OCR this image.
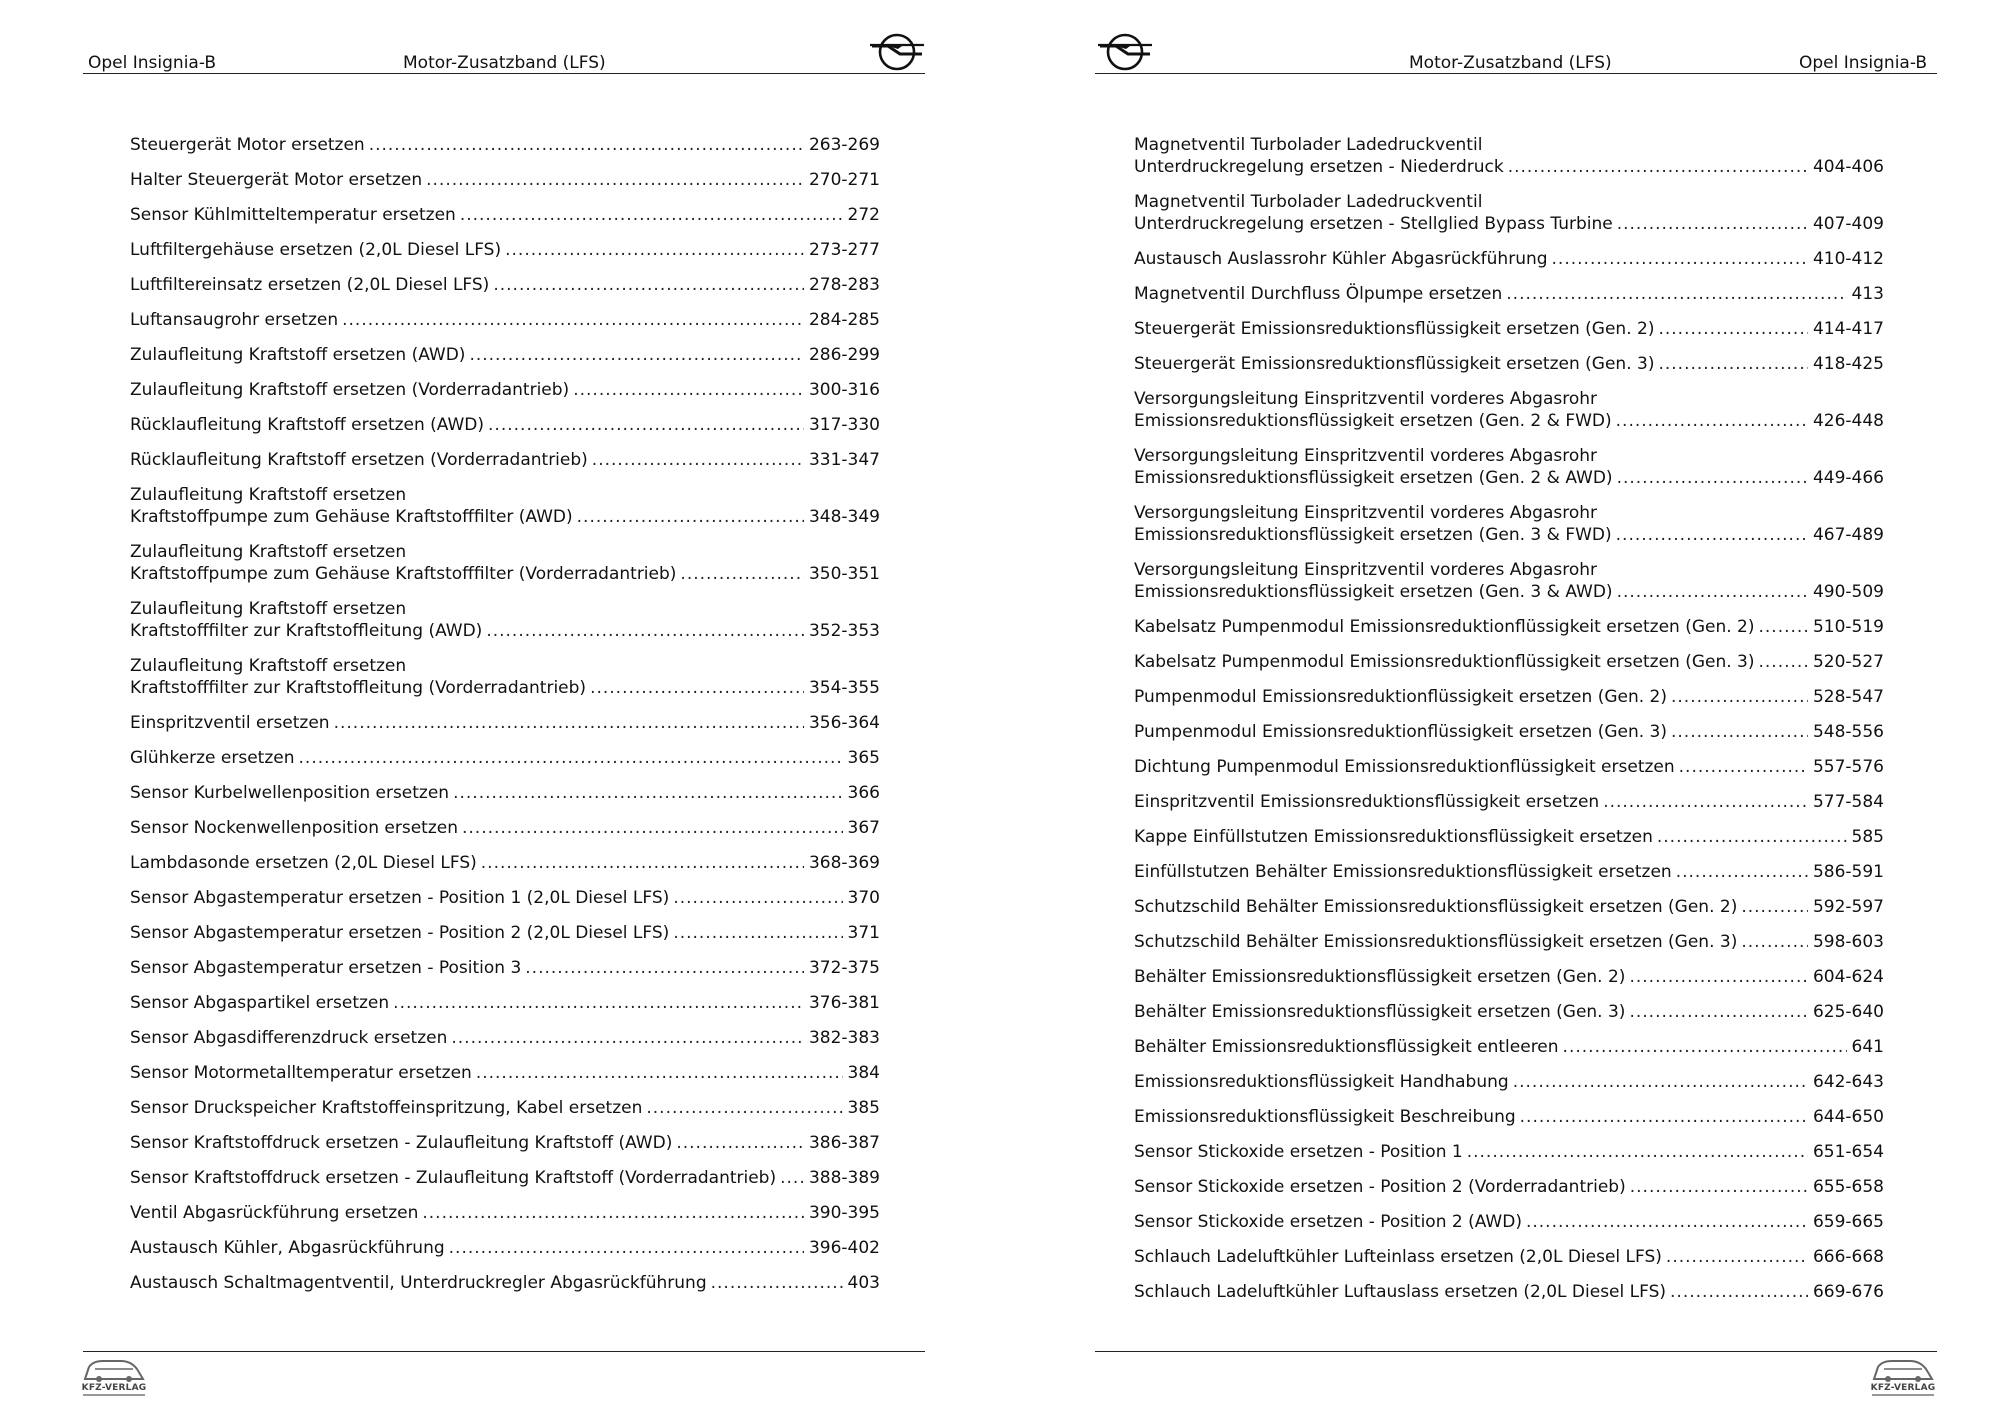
Opel Insignia-B	Motor-Zusatzband (LFS)
Steuergerät Motor ersetzen .....	263-269
Halter Steuergerät Motor ersetzen .....	270-271
Sensor Kühlmitteltemperatur ersetzen .....	272
Luftfiltergehäuse ersetzen (2,0L Diesel LFS) .....	273-277
Luftfiltereinsatz ersetzen (2,0L Diesel LFS) .....	278-283
Luftansaugrohr ersetzen .....	284-285
Zulaufleitung Kraftstoff ersetzen (AWD) .....	286-299
Zulaufleitung Kraftstoff ersetzen (Vorderradantrieb) .....	300-316
Rücklaufleitung Kraftstoff ersetzen (AWD) .....	317-330
Rücklaufleitung Kraftstoff ersetzen (Vorderradantrieb) .....	331-347
Zulaufleitung Kraftstoff ersetzen
Kraftstoffpumpe zum Gehäuse Kraftstofffilter (AWD) .....	348-349
Zulaufleitung Kraftstoff ersetzen
Kraftstoffpumpe zum Gehäuse Kraftstofffilter (Vorderradantrieb) .....	350-351
Zulaufleitung Kraftstoff ersetzen
Kraftstofffilter zur Kraftstoffleitung (AWD) .....	352-353
Zulaufleitung Kraftstoff ersetzen
Kraftstofffilter zur Kraftstoffleitung (Vorderradantrieb) .....	354-355
Einspritzventil ersetzen .....	356-364
Glühkerze ersetzen .....	365
Sensor Kurbelwellenposition ersetzen .....	366
Sensor Nockenwellenposition ersetzen .....	367
Lambdasonde ersetzen (2,0L Diesel LFS) .....	368-369
Sensor Abgastemperatur ersetzen - Position 1 (2,0L Diesel LFS) .....	370
Sensor Abgastemperatur ersetzen - Position 2 (2,0L Diesel LFS) .....	371
Sensor Abgastemperatur ersetzen - Position 3 .....	372-375
Sensor Abgaspartikel ersetzen .....	376-381
Sensor Abgasdifferenzdruck ersetzen .....	382-383
Sensor Motormetalltemperatur ersetzen .....	384
Sensor Druckspeicher Kraftstoffeinspritzung, Kabel ersetzen .....	385
Sensor Kraftstoffdruck ersetzen - Zulaufleitung Kraftstoff (AWD) .....	386-387
Sensor Kraftstoffdruck ersetzen - Zulaufleitung Kraftstoff (Vorderradantrieb) ..... 388-389
Ventil Abgasrückführung ersetzen .....	390-395
Austausch Kühler, Abgasrückführung .....	396-402
Austausch Schaltmagentventil, Unterdruckregler Abgasrückführung .....	403
KFZ-VERLAG
Motor-Zusatzband (LFS)	Opel Insignia-B
Magnetventil Turbolader Ladedruckventil
Unterdruckregelung ersetzen - Niederdruck .....	404-406
Magnetventil Turbolader Ladedruckventil
Unterdruckregelung ersetzen - Stellglied Bypass Turbine .....	407-409
Austausch Auslassrohr Kühler Abgasrückführung .....	410-412
Magnetventil Durchfluss Ölpumpe ersetzen .....	413
Steuergerät Emissionsreduktionsflüssigkeit ersetzen (Gen. 2) .....	414-417
Steuergerät Emissionsreduktionsflüssigkeit ersetzen (Gen. 3) .....	418-425
Versorgungsleitung Einspritzventil vorderes Abgasrohr
Emissionsreduktionsflüssigkeit ersetzen (Gen. 2 & FWD) .....	426-448
Versorgungsleitung Einspritzventil vorderes Abgasrohr
Emissionsreduktionsflüssigkeit ersetzen (Gen. 2 & AWD) .....	449-466
Versorgungsleitung Einspritzventil vorderes Abgasrohr
Emissionsreduktionsflüssigkeit ersetzen (Gen. 3 & FWD) .....	467-489
Versorgungsleitung Einspritzventil vorderes Abgasrohr
Emissionsreduktionsflüssigkeit ersetzen (Gen. 3 & AWD) .....	490-509
Kabelsatz Pumpenmodul Emissionsreduktionflüssigkeit ersetzen (Gen. 2) .....	510-519
Kabelsatz Pumpenmodul Emissionsreduktionflüssigkeit ersetzen (Gen. 3) .....	520-527
Pumpenmodul Emissionsreduktionflüssigkeit ersetzen (Gen. 2) .....	528-547
Pumpenmodul Emissionsreduktionflüssigkeit ersetzen (Gen. 3) .....	548-556
Dichtung Pumpenmodul Emissionsreduktionflüssigkeit ersetzen .....	557-576
Einspritzventil Emissionsreduktionsflüssigkeit ersetzen .....	577-584
Kappe Einfüllstutzen Emissionsreduktionsflüssigkeit ersetzen .....	585
Einfüllstutzen Behälter Emissionsreduktionsflüssigkeit ersetzen .....	586-591
Schutzschild Behälter Emissionsreduktionsflüssigkeit ersetzen (Gen. 2) .....	592-597
Schutzschild Behälter Emissionsreduktionsflüssigkeit ersetzen (Gen. 3) .....	598-603
Behälter Emissionsreduktionsflüssigkeit ersetzen (Gen. 2) .....	604-624
Behälter Emissionsreduktionsflüssigkeit ersetzen (Gen. 3) .....	625-640
Behälter Emissionsreduktionsflüssigkeit entleeren .....	641
Emissionsreduktionsflüssigkeit Handhabung .....	642-643
Emissionsreduktionsflüssigkeit Beschreibung .....	644-650
Sensor Stickoxide ersetzen - Position 1 .....	651-654
Sensor Stickoxide ersetzen - Position 2 (Vorderradantrieb) .....	655-658
Sensor Stickoxide ersetzen - Position 2 (AWD) .....	659-665
Schlauch Ladeluftkühler Lufteinlass ersetzen (2,0L Diesel LFS) .....	666-668
Schlauch Ladeluftkühler Luftauslass ersetzen (2,0L Diesel LFS) .....	669-676
KFZ-VERLAG
